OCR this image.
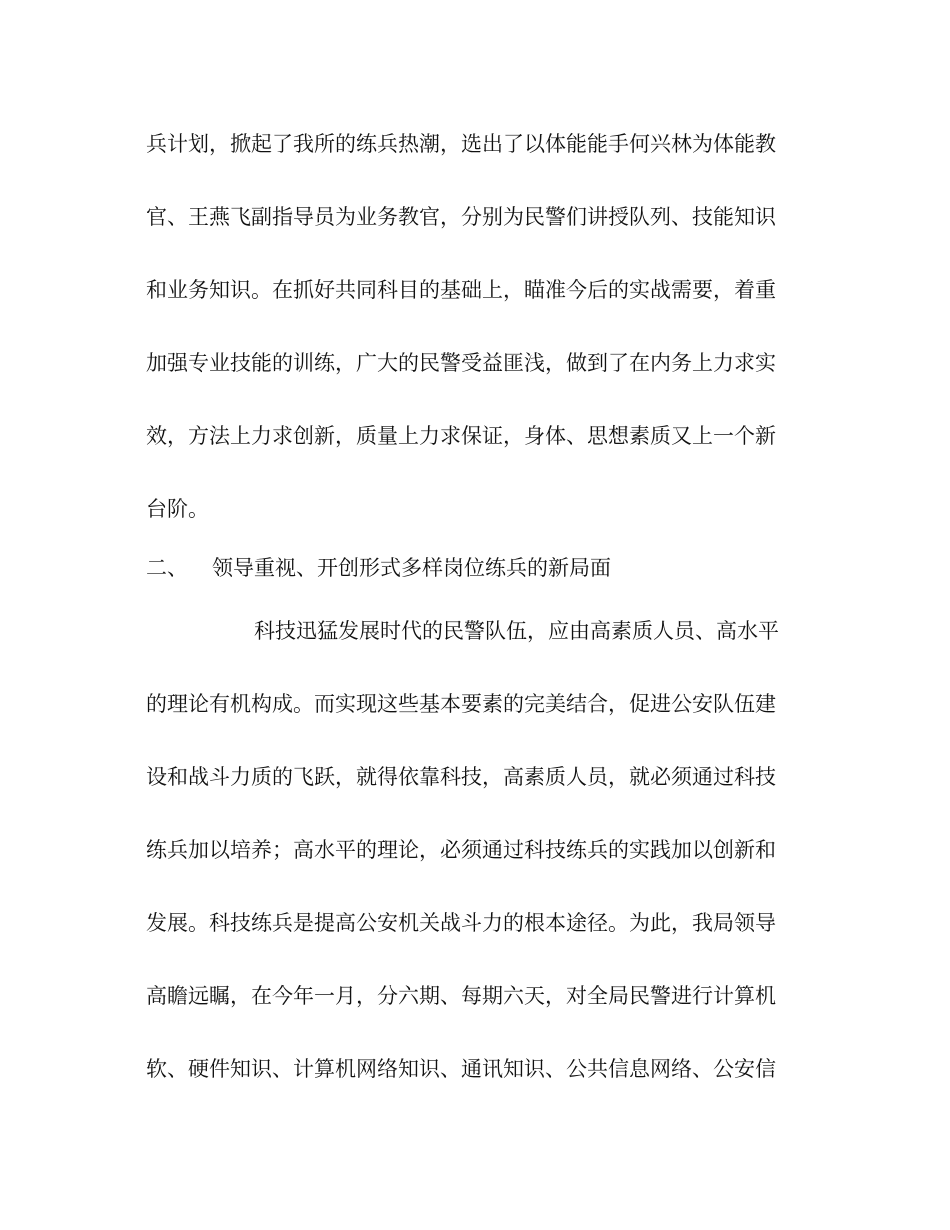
兵计划，掀起了我所的练兵热潮，选出了以体能能手何兴林为体能教
官、王燕飞副指导员为业务教官，分别为民警们讲授队列、技能知识
和业务知识。在抓好共同科目的基础上，瞄准今后的实战需要，着重
加强专业技能的训练，广大的民警受益匪浅，做到了在内务上力求实
效，方法上力求创新，质量上力求保证，身体、思想素质又上一个新
台阶。
二、 领导重视、开创形式多样岗位练兵的新局面
科技迅猛发展时代的民警队伍，应由高素质人员、高水平
的理论有机构成。而实现这些基本要素的完美结合，促进公安队伍建
设和战斗力质的飞跃，就得依靠科技，高素质人员，就必须通过科技
练兵加以培养；高水平的理论，必须通过科技练兵的实践加以创新和
发展。科技练兵是提高公安机关战斗力的根本途径。为此，我局领导
高瞻远瞩，在今年一月，分六期、每期六天，对全局民警进行计算机
软、硬件知识、计算机网络知识、通讯知识、公共信息网络、公安信
